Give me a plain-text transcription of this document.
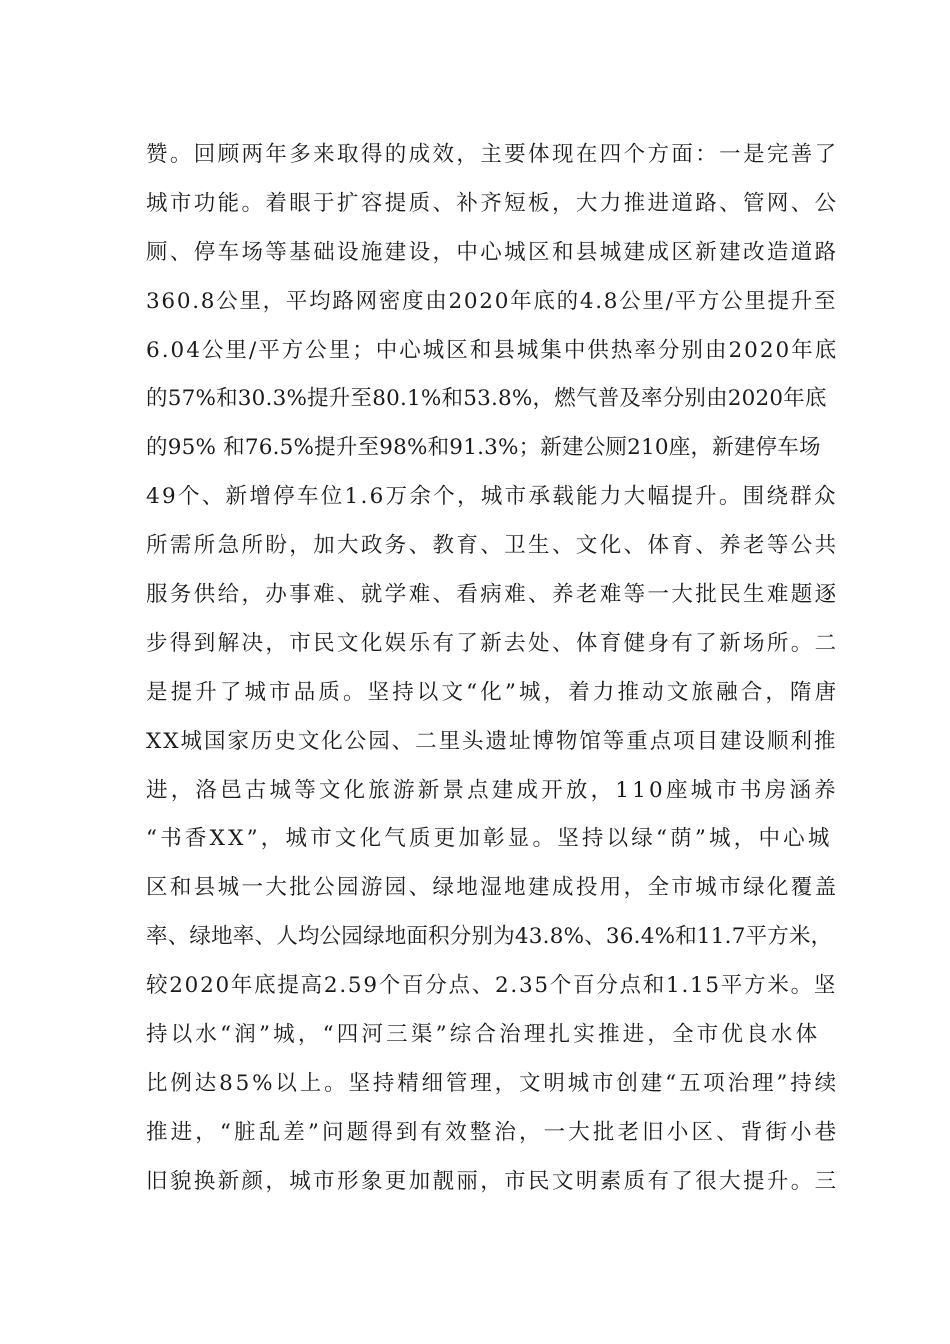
赞。回顾两年多来取得的成效，主要体现在四个方面：一是完善了
城市功能。着眼于扩容提质、补齐短板，大力推进道路、管网、公
厕、停车场等基础设施建设，中心城区和县城建成区新建改造道路
360.8公里，平均路网密度由2020年底的4.8公里/平方公里提升至
6.04公里/平方公里；中心城区和县城集中供热率分别由2020年底
的57%和30.3%提升至80.1%和53.8%，燃气普及率分别由2020年底
的95% 和76.5%提升至98%和91.3%；新建公厕210座，新建停车场
49个、新增停车位1.6万余个，城市承载能力大幅提升。围绕群众
所需所急所盼，加大政务、教育、卫生、文化、体育、养老等公共
服务供给，办事难、就学难、看病难、养老难等一大批民生难题逐
步得到解决，市民文化娱乐有了新去处、体育健身有了新场所。二
是提升了城市品质。坚持以文“化”城，着力推动文旅融合，隋唐
XX城国家历史文化公园、二里头遗址博物馆等重点项目建设顺利推
进，洛邑古城等文化旅游新景点建成开放，110座城市书房涵养
“书香XX”，城市文化气质更加彰显。坚持以绿“荫”城，中心城
区和县城一大批公园游园、绿地湿地建成投用，全市城市绿化覆盖
率、绿地率、人均公园绿地面积分别为43.8%、36.4%和11.7平方米，
较2020年底提高2.59个百分点、2.35个百分点和1.15平方米。坚
持以水“润”城，“四河三渠”综合治理扎实推进，全市优良水体
比例达85%以上。坚持精细管理，文明城市创建“五项治理”持续
推进，“脏乱差”问题得到有效整治，一大批老旧小区、背街小巷
旧貌换新颜，城市形象更加靓丽，市民文明素质有了很大提升。三
